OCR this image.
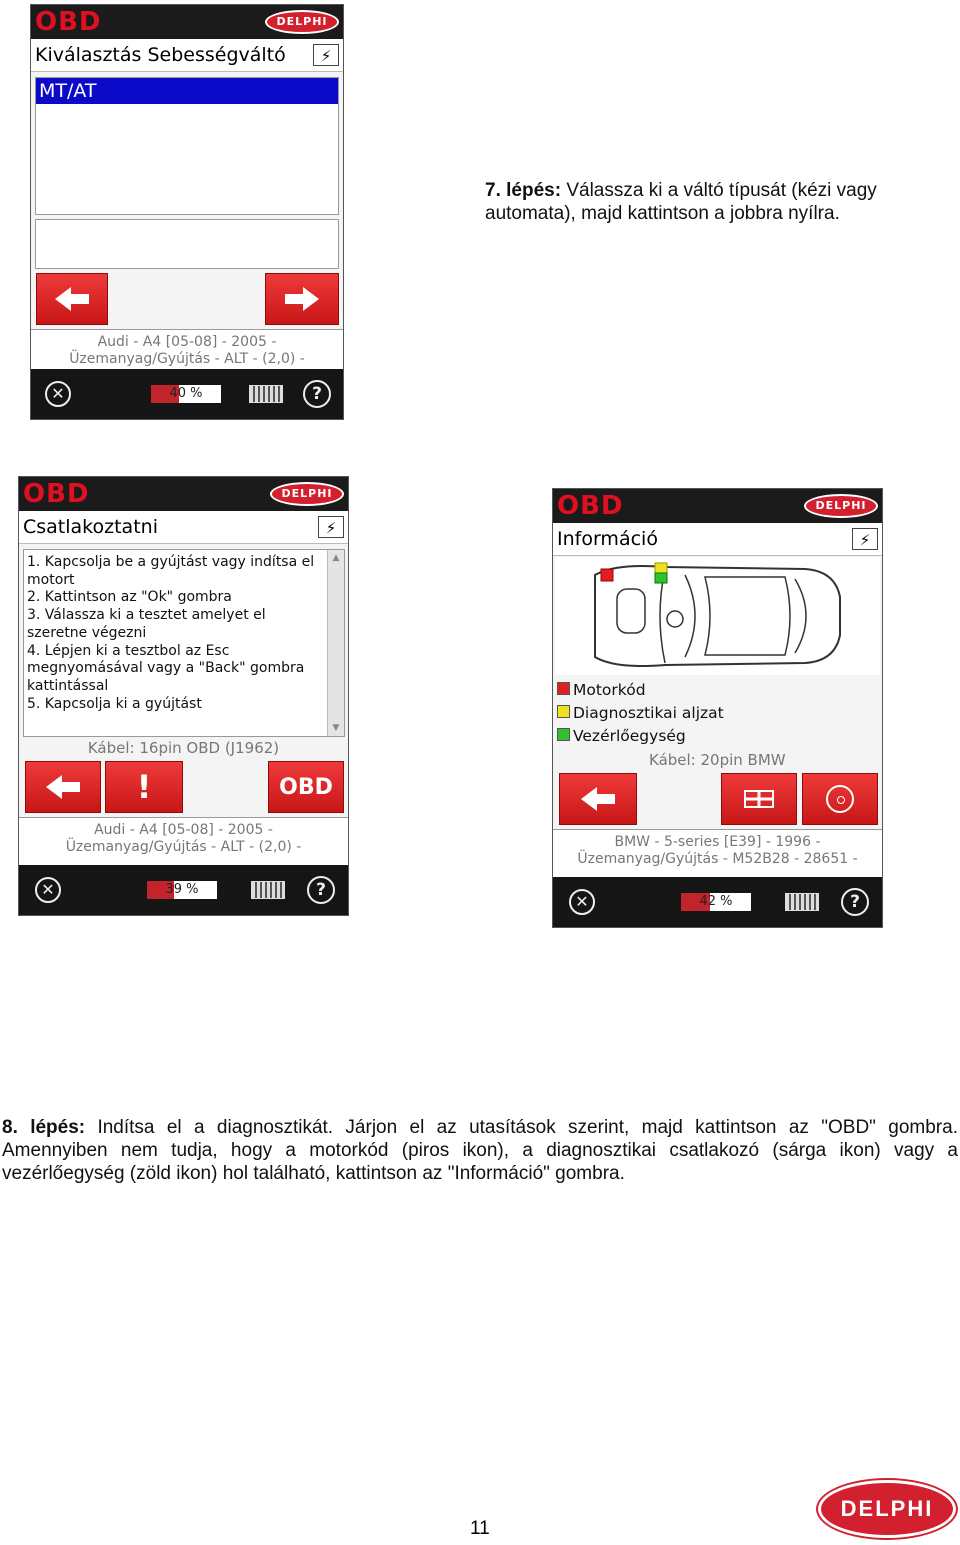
OBD	DELPHI
Kiválasztás Sebességváltó	⚡
MT/AT
Audi - A4 [05-08] - 2005 -
Üzemanyag/Gyújtás - ALT - (2,0) -
✕	40 %	?
7. lépés: Válassza ki a váltó típusát (kézi vagy automata), majd kattintson a jobbra nyílra.
OBD	DELPHI
Csatlakoztatni	⚡
1. Kapcsolja be a gyújtást vagy indítsa el motort
2. Kattintson az "Ok" gombra
3. Válassza ki a tesztet amelyet el szeretne végezni
4. Lépjen ki a tesztbol az Esc megnyomásával vagy a "Back" gombra kattintással
5. Kapcsolja ki a gyújtást
▲
▼
Kábel: 16pin OBD (J1962)
!	OBD
Audi - A4 [05-08] - 2005 -
Üzemanyag/Gyújtás - ALT - (2,0) -
✕	39 %	?
OBD	DELPHI
Információ	⚡
Motorkód
Diagnosztikai aljzat
Vezérlőegység
Kábel: 20pin BMW
BMW - 5-series [E39] - 1996 -
Üzemanyag/Gyújtás - M52B28 - 28651 -
✕	42 %	?
8. lépés: Indítsa el a diagnosztikát. Járjon el az utasítások szerint, majd kattintson az "OBD" gombra. Amennyiben nem tudja, hogy a motorkód (piros ikon), a diagnosztikai csatlakozó (sárga ikon) vagy a vezérlőegység (zöld ikon) hol található, kattintson az "Információ" gombra.
11
DELPHI
